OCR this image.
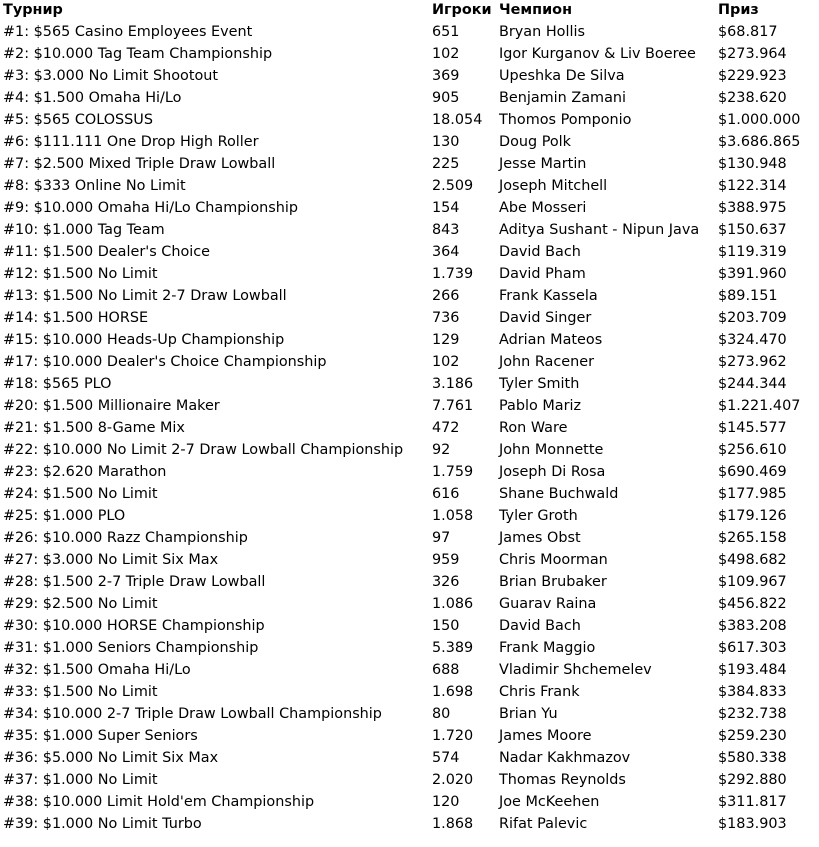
Турнир	Игроки	Чемпион	Приз
#1: $565 Casino Employees Event	651	Bryan Hollis	$68.817
#2: $10.000 Tag Team Championship	102	Igor Kurganov & Liv Boeree	$273.964
#3: $3.000 No Limit Shootout	369	Upeshka De Silva	$229.923
#4: $1.500 Omaha Hi/Lo	905	Benjamin Zamani	$238.620
#5: $565 COLOSSUS	18.054	Thomos Pomponio	$1.000.000
#6: $111.111 One Drop High Roller	130	Doug Polk	$3.686.865
#7: $2.500 Mixed Triple Draw Lowball	225	Jesse Martin	$130.948
#8: $333 Online No Limit	2.509	Joseph Mitchell	$122.314
#9: $10.000 Omaha Hi/Lo Championship	154	Abe Mosseri	$388.975
#10: $1.000 Tag Team	843	Aditya Sushant - Nipun Java	$150.637
#11: $1.500 Dealer's Choice	364	David Bach	$119.319
#12: $1.500 No Limit	1.739	David Pham	$391.960
#13: $1.500 No Limit 2-7 Draw Lowball	266	Frank Kassela	$89.151
#14: $1.500 HORSE	736	David Singer	$203.709
#15: $10.000 Heads-Up Championship	129	Adrian Mateos	$324.470
#17: $10.000 Dealer's Choice Championship	102	John Racener	$273.962
#18: $565 PLO	3.186	Tyler Smith	$244.344
#20: $1.500 Millionaire Maker	7.761	Pablo Mariz	$1.221.407
#21: $1.500 8-Game Mix	472	Ron Ware	$145.577
#22: $10.000 No Limit 2-7 Draw Lowball Championship	92	John Monnette	$256.610
#23: $2.620 Marathon	1.759	Joseph Di Rosa	$690.469
#24: $1.500 No Limit	616	Shane Buchwald	$177.985
#25: $1.000 PLO	1.058	Tyler Groth	$179.126
#26: $10.000 Razz Championship	97	James Obst	$265.158
#27: $3.000 No Limit Six Max	959	Chris Moorman	$498.682
#28: $1.500 2-7 Triple Draw Lowball	326	Brian Brubaker	$109.967
#29: $2.500 No Limit	1.086	Guarav Raina	$456.822
#30: $10.000 HORSE Championship	150	David Bach	$383.208
#31: $1.000 Seniors Championship	5.389	Frank Maggio	$617.303
#32: $1.500 Omaha Hi/Lo	688	Vladimir Shchemelev	$193.484
#33: $1.500 No Limit	1.698	Chris Frank	$384.833
#34: $10.000 2-7 Triple Draw Lowball Championship	80	Brian Yu	$232.738
#35: $1.000 Super Seniors	1.720	James Moore	$259.230
#36: $5.000 No Limit Six Max	574	Nadar Kakhmazov	$580.338
#37: $1.000 No Limit	2.020	Thomas Reynolds	$292.880
#38: $10.000 Limit Hold'em Championship	120	Joe McKeehen	$311.817
#39: $1.000 No Limit Turbo	1.868	Rifat Palevic	$183.903
